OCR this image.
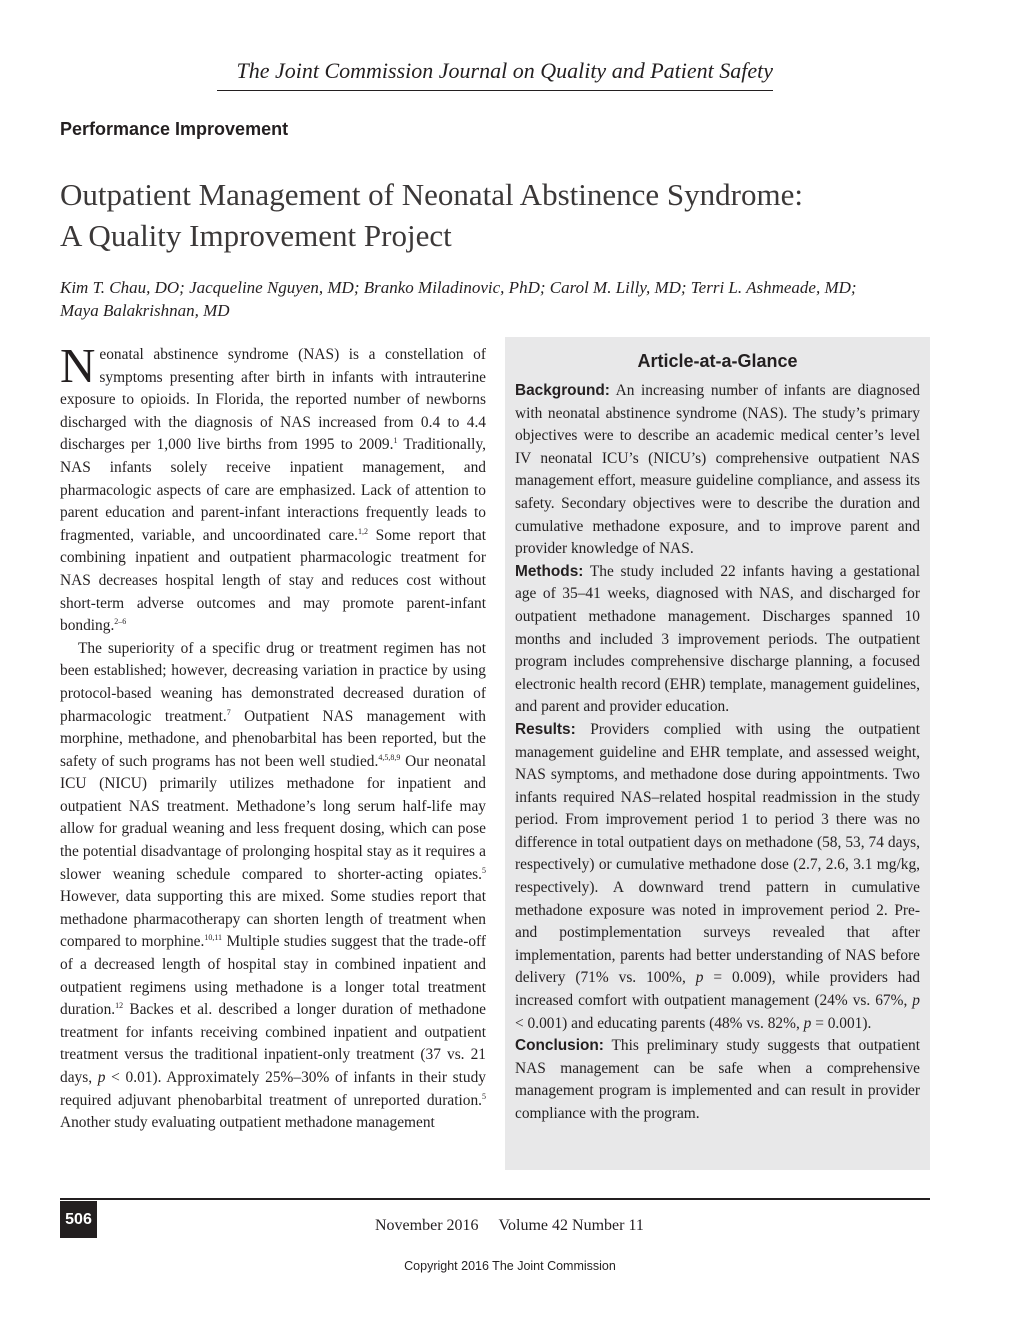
The Joint Commission Journal on Quality and Patient Safety
Performance Improvement
Outpatient Management of Neonatal Abstinence Syndrome:
A Quality Improvement Project
Kim T. Chau, DO; Jacqueline Nguyen, MD; Branko Miladinovic, PhD; Carol M. Lilly, MD; Terri L. Ashmeade, MD;
Maya Balakrishnan, MD

Neonatal abstinence syndrome (NAS) is a constellation of symptoms presenting after birth in infants with intrauterine exposure to opioids. In Florida, the reported number of newborns discharged with the diagnosis of NAS increased from 0.4 to 4.4 discharges per 1,000 live births from 1995 to 2009.$^1$ Traditionally, NAS infants solely receive inpatient management, and pharmacologic aspects of care are emphasized. Lack of attention to parent education and parent-infant interactions frequently leads to fragmented, variable, and uncoordinated care.$^{1,2}$ Some report that combining inpatient and outpatient pharmacologic treatment for NAS decreases hospital length of stay and reduces cost without short-term adverse outcomes and may promote parent-infant bonding.$^{2-6}$

The superiority of a specific drug or treatment regimen has not been established; however, decreasing variation in practice by using protocol-based weaning has demonstrated decreased duration of pharmacologic treatment.$^7$ Outpatient NAS management with morphine, methadone, and phenobarbital has been reported, but the safety of such programs has not been well studied.$^{4,5,8,9}$ Our neonatal ICU (NICU) primarily utilizes methadone for inpatient and outpatient NAS treatment. Methadone’s long serum half-life may allow for gradual weaning and less frequent dosing, which can pose the potential disadvantage of prolonging hospital stay as it requires a slower weaning schedule compared to shorter-acting opiates.$^5$ However, data supporting this are mixed. Some studies report that methadone pharmacotherapy can shorten length of treatment when compared to morphine.$^{10,11}$ Multiple studies suggest that the trade-off of a decreased length of hospital stay in combined inpatient and outpatient regimens using methadone is a longer total treatment duration.$^{12}$ Backes et al. described a longer duration of methadone treatment for infants receiving combined inpatient and outpatient treatment versus the traditional inpatient-only treatment (37 vs. 21 days, p < 0.01). Approximately 25%–30% of infants in their study required adjuvant phenobarbital treatment of unreported duration.$^5$ Another study evaluating outpatient methadone management

Article-at-a-Glance

Background: An increasing number of infants are diagnosed with neonatal abstinence syndrome (NAS). The study’s primary objectives were to describe an academic medical center’s level IV neonatal ICU’s (NICU’s) comprehensive outpatient NAS management effort, measure guideline compliance, and assess its safety. Secondary objectives were to describe the duration and cumulative methadone exposure, and to improve parent and provider knowledge of NAS.

Methods: The study included 22 infants having a gestational age of 35–41 weeks, diagnosed with NAS, and discharged for outpatient methadone management. Discharges spanned 10 months and included 3 improvement periods. The outpatient program includes comprehensive discharge planning, a focused electronic health record (EHR) template, management guidelines, and parent and provider education.

Results: Providers complied with using the outpatient management guideline and EHR template, and assessed weight, NAS symptoms, and methadone dose during appointments. Two infants required NAS–related hospital readmission in the study period. From improvement period 1 to period 3 there was no difference in total outpatient days on methadone (58, 53, 74 days, respectively) or cumulative methadone dose (2.7, 2.6, 3.1 mg/kg, respectively). A downward trend pattern in cumulative methadone exposure was noted in improvement period 2. Pre- and postimplementation surveys revealed that after implementation, parents had better understanding of NAS before delivery (71% vs. 100%, p = 0.009), while providers had increased comfort with outpatient management (24% vs. 67%, p < 0.001) and educating parents (48% vs. 82%, p = 0.001).

Conclusion: This preliminary study suggests that outpatient NAS management can be safe when a comprehensive management program is implemented and can result in provider compliance with the program.

506	November 2016 Volume 42 Number 11
Copyright 2016 The Joint Commission
